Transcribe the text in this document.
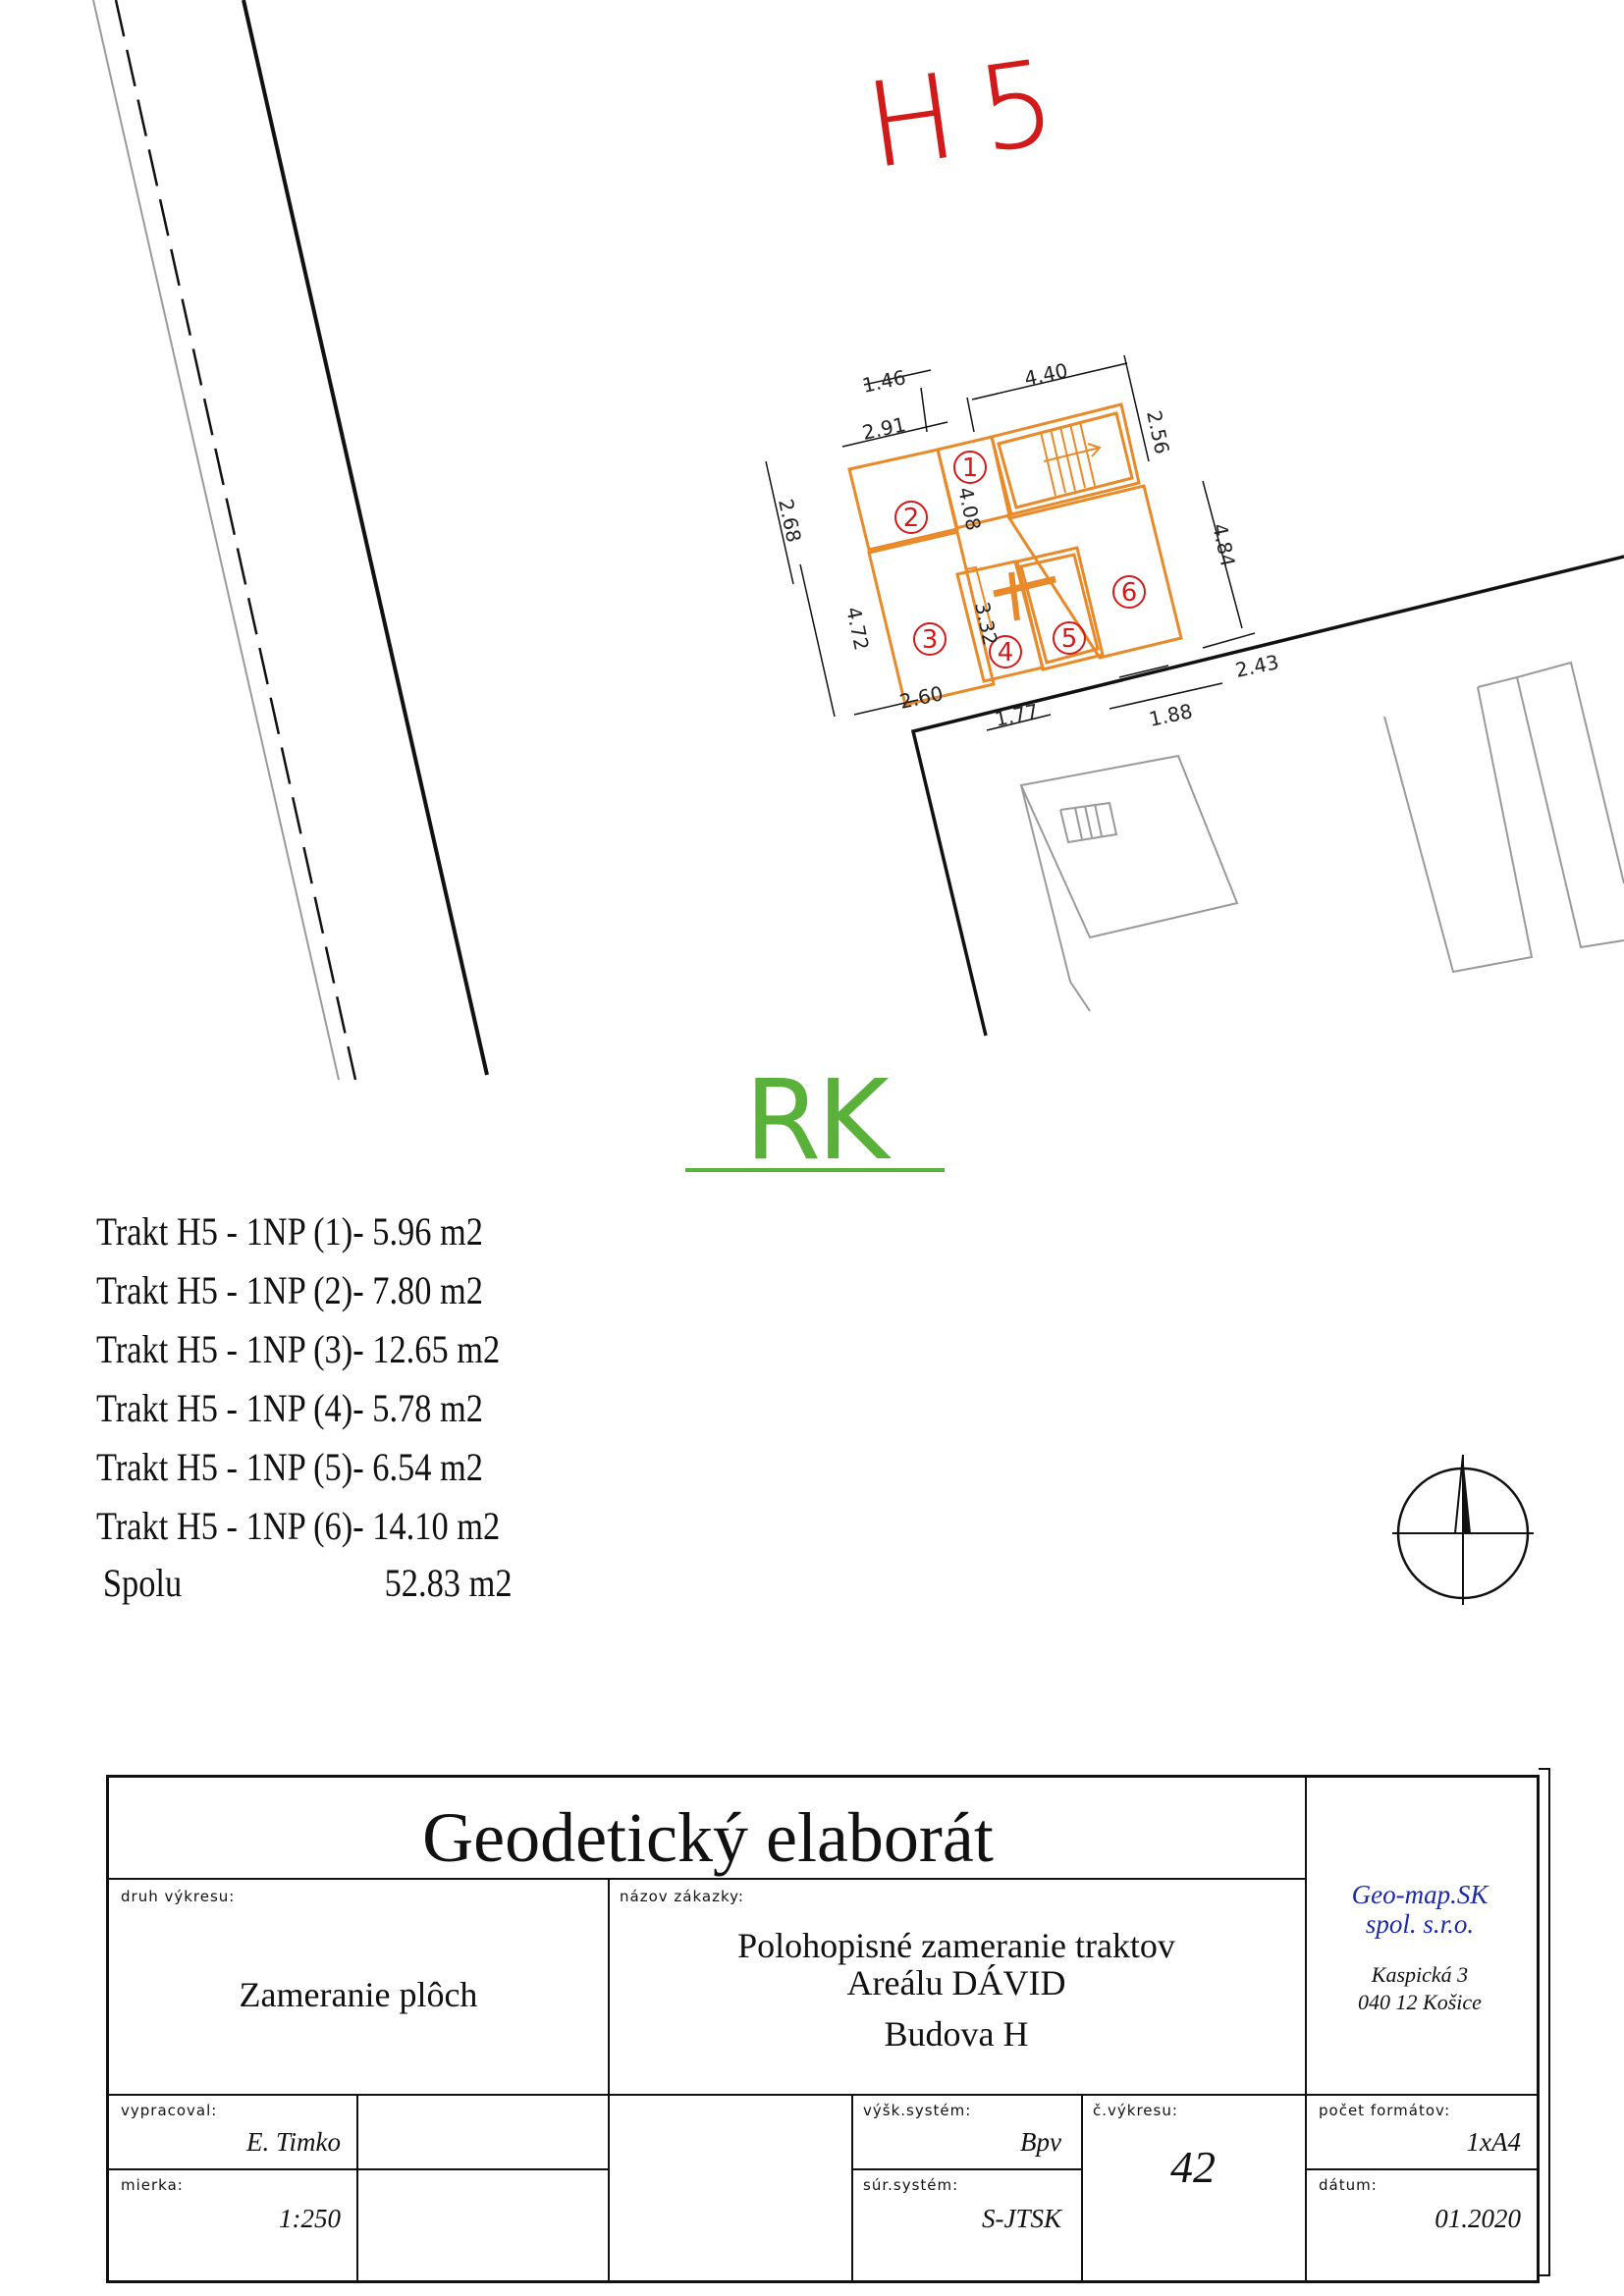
H5
1
2
3 4 5
6
1.46	4.40
2.91	2.56
2.68	4.08
4.84
4.72	3.32
2.60
1.77	1.88
2.43
RK
Trakt H5 - 1NP (1)- 5.96 m2
Trakt H5 - 1NP (2)- 7.80 m2
Trakt H5 - 1NP (3)- 12.65 m2
Trakt H5 - 1NP (4)- 5.78 m2
Trakt H5 - 1NP (5)- 6.54 m2
Trakt H5 - 1NP (6)- 14.10 m2
Spolu	52.83 m2
Geodetický elaborát
druh výkresu:
Zameranie plôch
názov zákazky:
Polohopisné zameranie traktov
Areálu DÁVID
Budova H
Geo-map.SK
spol. s.r.o.
Kaspická 3
040 12 Košice
vypracoval:
E. Timko
mierka:
1:250
výšk.systém:
Bpv
súr.systém:
S-JTSK
č.výkresu:
42
počet formátov:
1xA4
dátum:
01.2020
